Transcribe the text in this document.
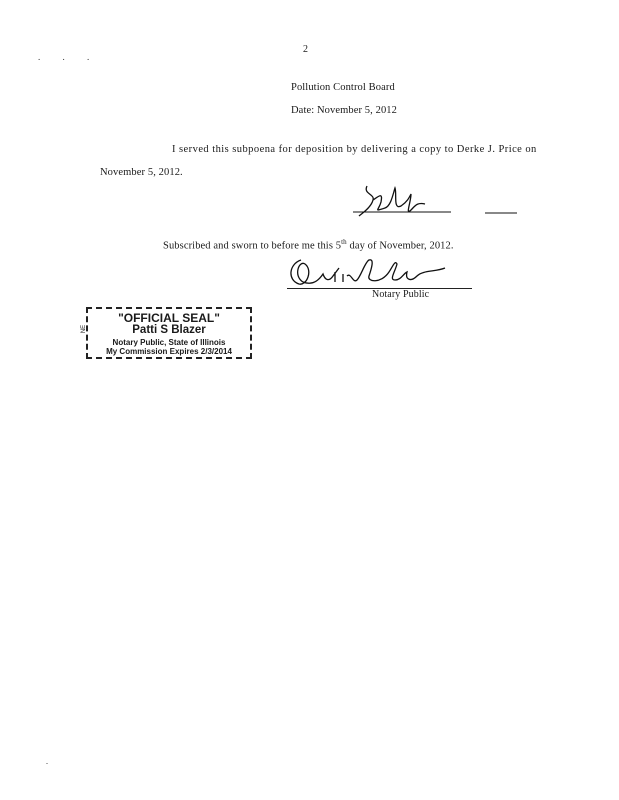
2
. . .
Pollution Control Board
Date: November 5, 2012
I served this subpoena for deposition by delivering a copy to Derke J. Price on
November 5, 2012.
Subscribed and sworn to before me this 5th day of November, 2012.
Notary Public
NE
"OFFICIAL SEAL"
Patti S Blazer
Notary Public, State of Illinois
My Commission Expires 2/3/2014
.
